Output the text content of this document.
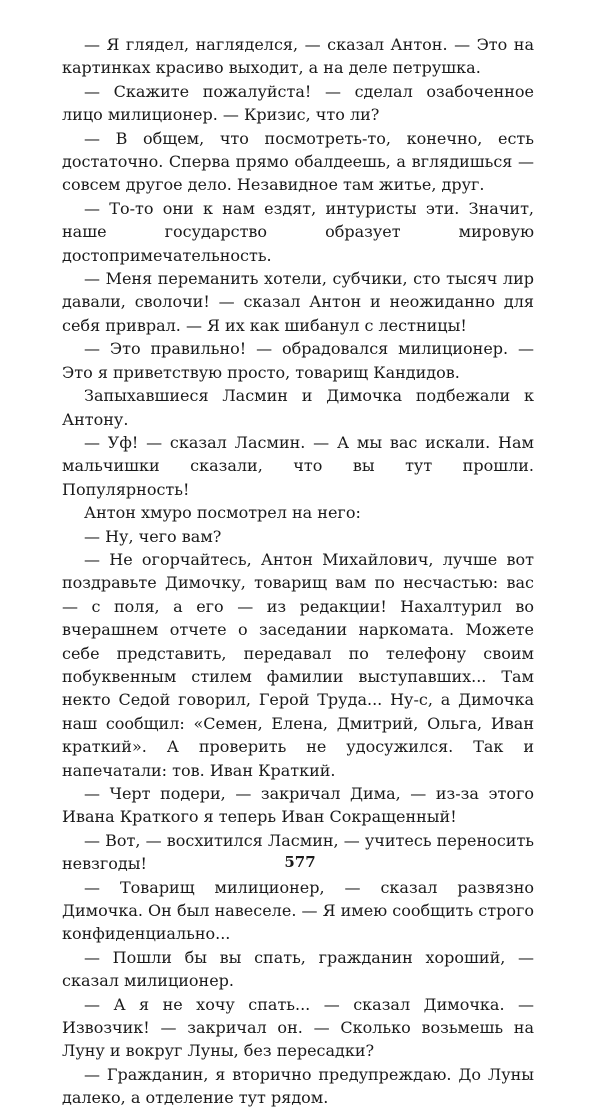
— Я глядел, нагляделся, — сказал Антон. — Это на картинках красиво выходит, а на деле петрушка.

— Скажите пожалуйста! — сделал озабоченное лицо милиционер. — Кризис, что ли?

— В общем, что посмотреть-то, конечно, есть достаточно. Сперва прямо обалдеешь, а вглядишься — совсем другое дело. Незавидное там житье, друг.

— То-то они к нам ездят, интуристы эти. Значит, наше государство образует мировую достопримечательность.

— Меня переманить хотели, субчики, сто тысяч лир давали, сволочи! — сказал Антон и неожиданно для себя приврал. — Я их как шибанул с лестницы!

— Это правильно! — обрадовался милиционер. — Это я приветствую просто, товарищ Кандидов.

Запыхавшиеся Ласмин и Димочка подбежали к Антону.

— Уф! — сказал Ласмин. — А мы вас искали. Нам мальчишки сказали, что вы тут прошли. Популярность!

Антон хмуро посмотрел на него:

— Ну, чего вам?

— Не огорчайтесь, Антон Михайлович, лучше вот поздравьте Димочку, товарищ вам по несчастью: вас — с поля, а его — из редакции! Нахалтурил во вчерашнем отчете о заседании наркомата. Можете себе представить, передавал по телефону своим побуквенным стилем фамилии выступавших... Там некто Седой говорил, Герой Труда... Ну-с, а Димочка наш сообщил: «Семен, Елена, Дмитрий, Ольга, Иван краткий». А проверить не удосужился. Так и напечатали: тов. Иван Краткий.

— Черт подери, — закричал Дима, — из-за этого Ивана Краткого я теперь Иван Сокращенный!

— Вот, — восхитился Ласмин, — учитесь переносить невзгоды!

— Товарищ милиционер, — сказал развязно Димочка. Он был навеселе. — Я имею сообщить строго конфиденциально...

— Пошли бы вы спать, гражданин хороший, — сказал милиционер.

— А я не хочу спать... — сказал Димочка. — Извозчик! — закричал он. — Сколько возьмешь на Луну и вокруг Луны, без пересадки?

— Гражданин, я вторично предупреждаю. До Луны далеко, а отделение тут рядом.

577
